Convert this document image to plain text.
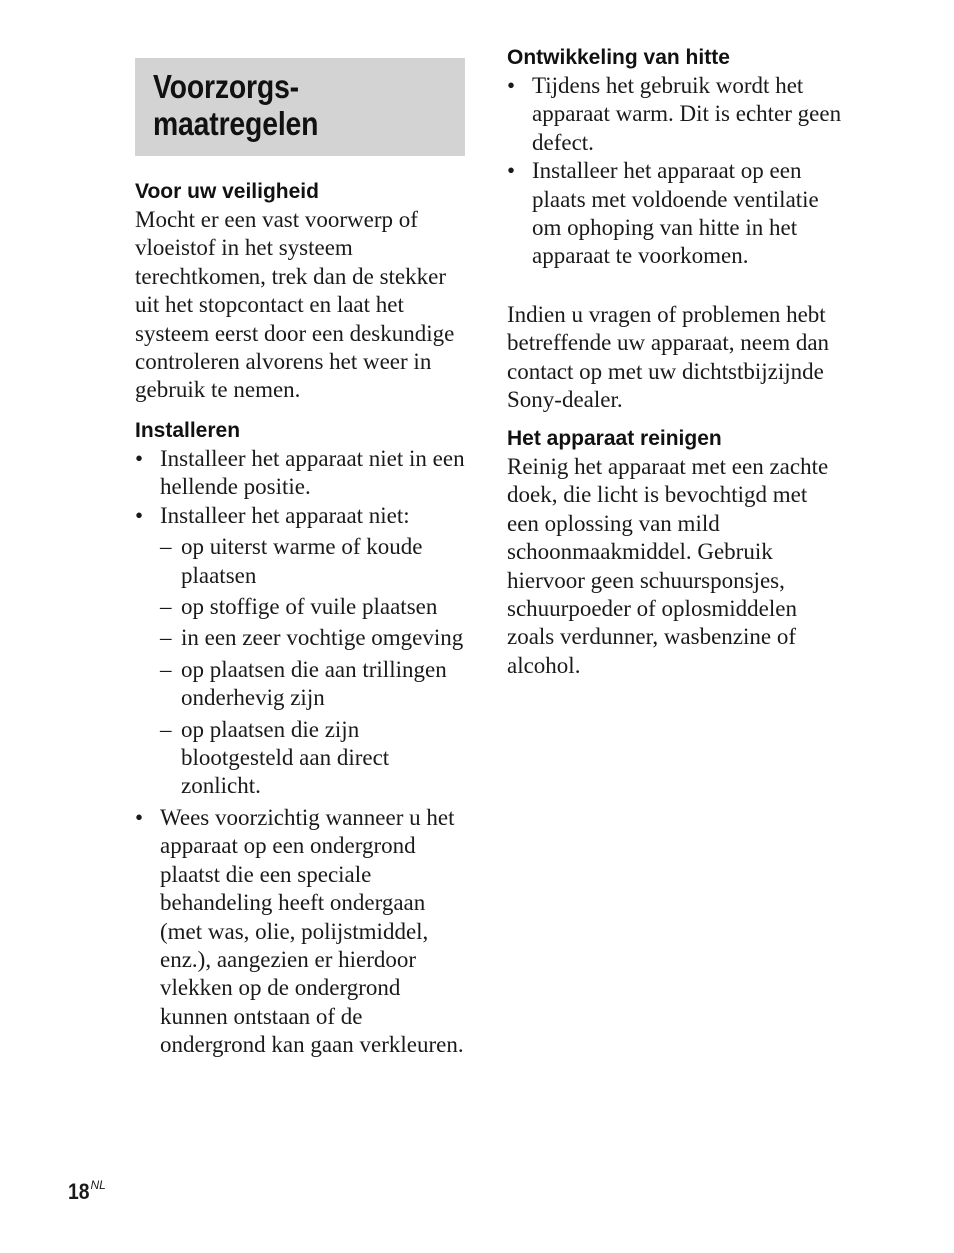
Voorzorgs-
maatregelen
Voor uw veiligheid

Mocht er een vast voorwerp of vloeistof in het systeem terechtkomen, trek dan de stekker uit het stopcontact en laat het systeem eerst door een deskundige controleren alvorens het weer in gebruik te nemen.

Installeren
• Installeer het apparaat niet in een hellende positie.
• Installeer het apparaat niet:
– op uiterst warme of koude plaatsen
– op stoffige of vuile plaatsen
– in een zeer vochtige omgeving
– op plaatsen die aan trillingen onderhevig zijn
– op plaatsen die zijn blootgesteld aan direct zonlicht.
• Wees voorzichtig wanneer u het apparaat op een ondergrond plaatst die een speciale behandeling heeft ondergaan (met was, olie, polijstmiddel, enz.), aangezien er hierdoor vlekken op de ondergrond kunnen ontstaan of de ondergrond kan gaan verkleuren.
Ontwikkeling van hitte
• Tijdens het gebruik wordt het apparaat warm. Dit is echter geen defect.
• Installeer het apparaat op een plaats met voldoende ventilatie om ophoping van hitte in het apparaat te voorkomen.

Indien u vragen of problemen hebt betreffende uw apparaat, neem dan contact op met uw dichtstbijzijnde Sony-dealer.

Het apparaat reinigen

Reinig het apparaat met een zachte doek, die licht is bevochtigd met een oplossing van mild schoonmaakmiddel. Gebruik hiervoor geen schuursponsjes, schuurpoeder of oplosmiddelen zoals verdunner, wasbenzine of alcohol.

$18^{NL}$
